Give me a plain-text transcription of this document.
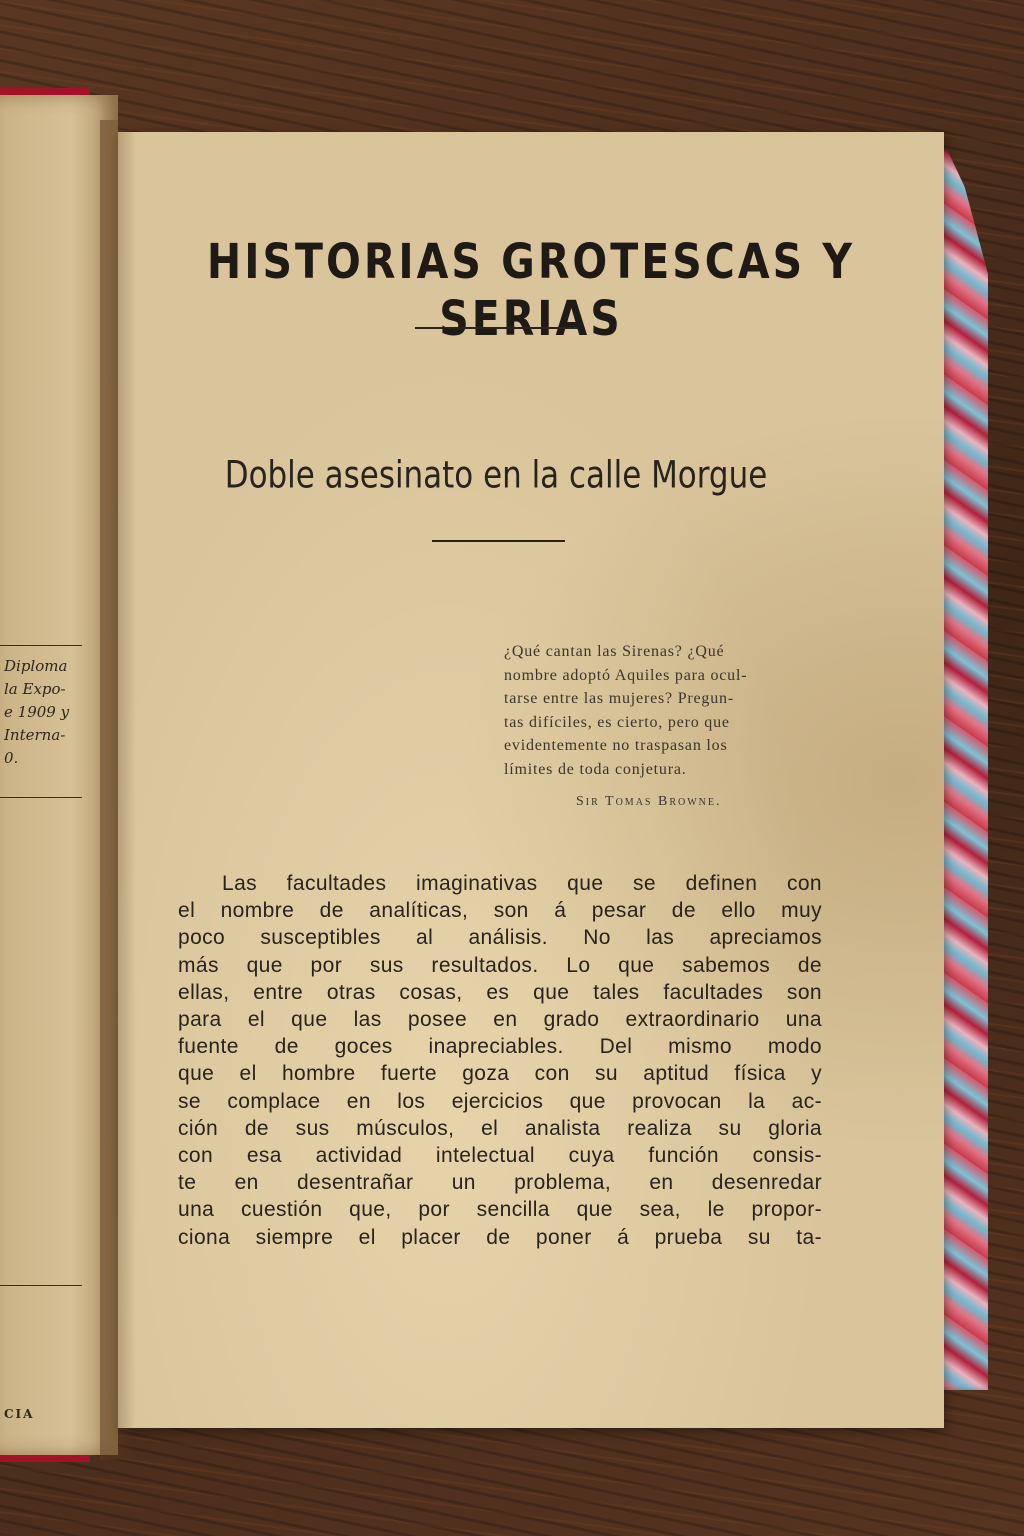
Diploma
la Expo-
e 1909 y
Interna-
0.
CIA
HISTORIAS GROTESCAS Y SERIAS
Doble asesinato en la calle Morgue
¿Qué cantan las Sirenas? ¿Qué
nombre adoptó Aquiles para ocul-
tarse entre las mujeres? Pregun-
tas difíciles, es cierto, pero que
evidentemente no traspasan los
límites de toda conjetura.
Sir Tomas Browne.
Las facultades imaginativas que se definen con
el nombre de analíticas, son á pesar de ello muy
poco susceptibles al análisis. No las apreciamos
más que por sus resultados. Lo que sabemos de
ellas, entre otras cosas, es que tales facultades son
para el que las posee en grado extraordinario una
fuente de goces inapreciables. Del mismo modo
que el hombre fuerte goza con su aptitud física y
se complace en los ejercicios que provocan la ac-
ción de sus músculos, el analista realiza su gloria
con esa actividad intelectual cuya función consis-
te en desentrañar un problema, en desenredar
una cuestión que, por sencilla que sea, le propor-
ciona siempre el placer de poner á prueba su ta-
